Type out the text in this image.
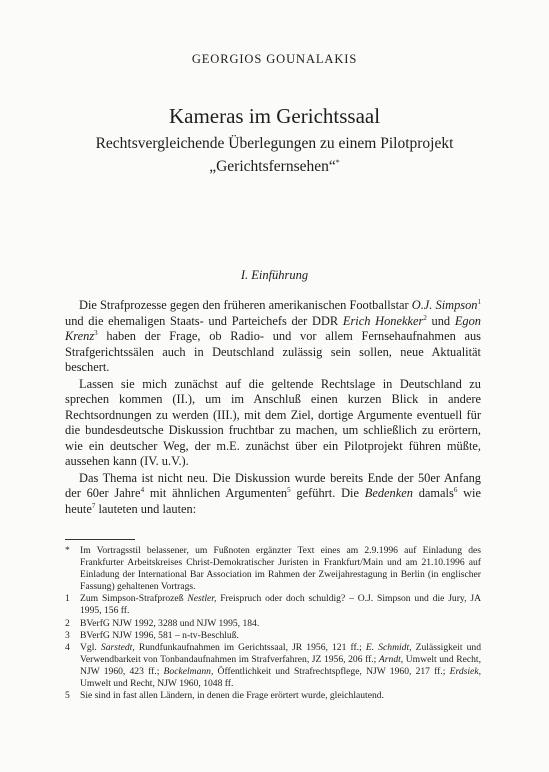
GEORGIOS GOUNALAKIS
Kameras im Gerichtssaal
Rechtsvergleichende Überlegungen zu einem Pilotprojekt
„Gerichtsfernsehen“*
I. Einführung

Die Strafprozesse gegen den früheren amerikanischen Footballstar O.J. Simpson$^1$ und die ehemaligen Staats- und Parteichefs der DDR Erich Honekker$^2$ und Egon Krenz$^3$ haben der Frage, ob Radio- und vor allem Fernsehaufnahmen aus Strafgerichtssälen auch in Deutschland zulässig sein sollen, neue Aktualität beschert.

Lassen sie mich zunächst auf die geltende Rechtslage in Deutschland zu sprechen kommen (II.), um im Anschluß einen kurzen Blick in andere Rechtsordnungen zu werden (III.), mit dem Ziel, dortige Argumente eventuell für die bundesdeutsche Diskussion fruchtbar zu machen, um schließlich zu erörtern, wie ein deutscher Weg, der m.E. zunächst über ein Pilotprojekt führen müßte, aussehen kann (IV. u.V.).

Das Thema ist nicht neu. Die Diskussion wurde bereits Ende der 50er Anfang der 60er Jahre$^4$ mit ähnlichen Argumenten$^5$ geführt. Die Bedenken damals$^6$ wie heute$^7$ lauteten und lauten:

*	Im Vortragsstil belassener, um Fußnoten ergänzter Text eines am 2.9.1996 auf Einladung des Frankfurter Arbeitskreises Christ-Demokratischer Juristen in Frankfurt/Main und am 21.10.1996 auf Einladung der International Bar Association im Rahmen der Zweijahrestagung in Berlin (in englischer Fassung) gehaltenen Vortrags.
1	Zum Simpson-Strafprozeß Nestler, Freispruch oder doch schuldig? – O.J. Simpson und die Jury, JA 1995, 156 ff.
2	BVerfG NJW 1992, 3288 und NJW 1995, 184.
3	BVerfG NJW 1996, 581 – n-tv-Beschluß.
4	Vgl. Sarstedt, Rundfunkaufnahmen im Gerichtssaal, JR 1956, 121 ff.; E. Schmidt, Zulässigkeit und Verwendbarkeit von Tonbandaufnahmen im Strafverfahren, JZ 1956, 206 ff.; Arndt, Umwelt und Recht, NJW 1960, 423 ff.; Bockelmann, Öffentlichkeit und Strafrechtspflege, NJW 1960, 217 ff.; Erdsiek, Umwelt und Recht, NJW 1960, 1048 ff.
5	Sie sind in fast allen Ländern, in denen die Frage erörtert wurde, gleichlautend.
